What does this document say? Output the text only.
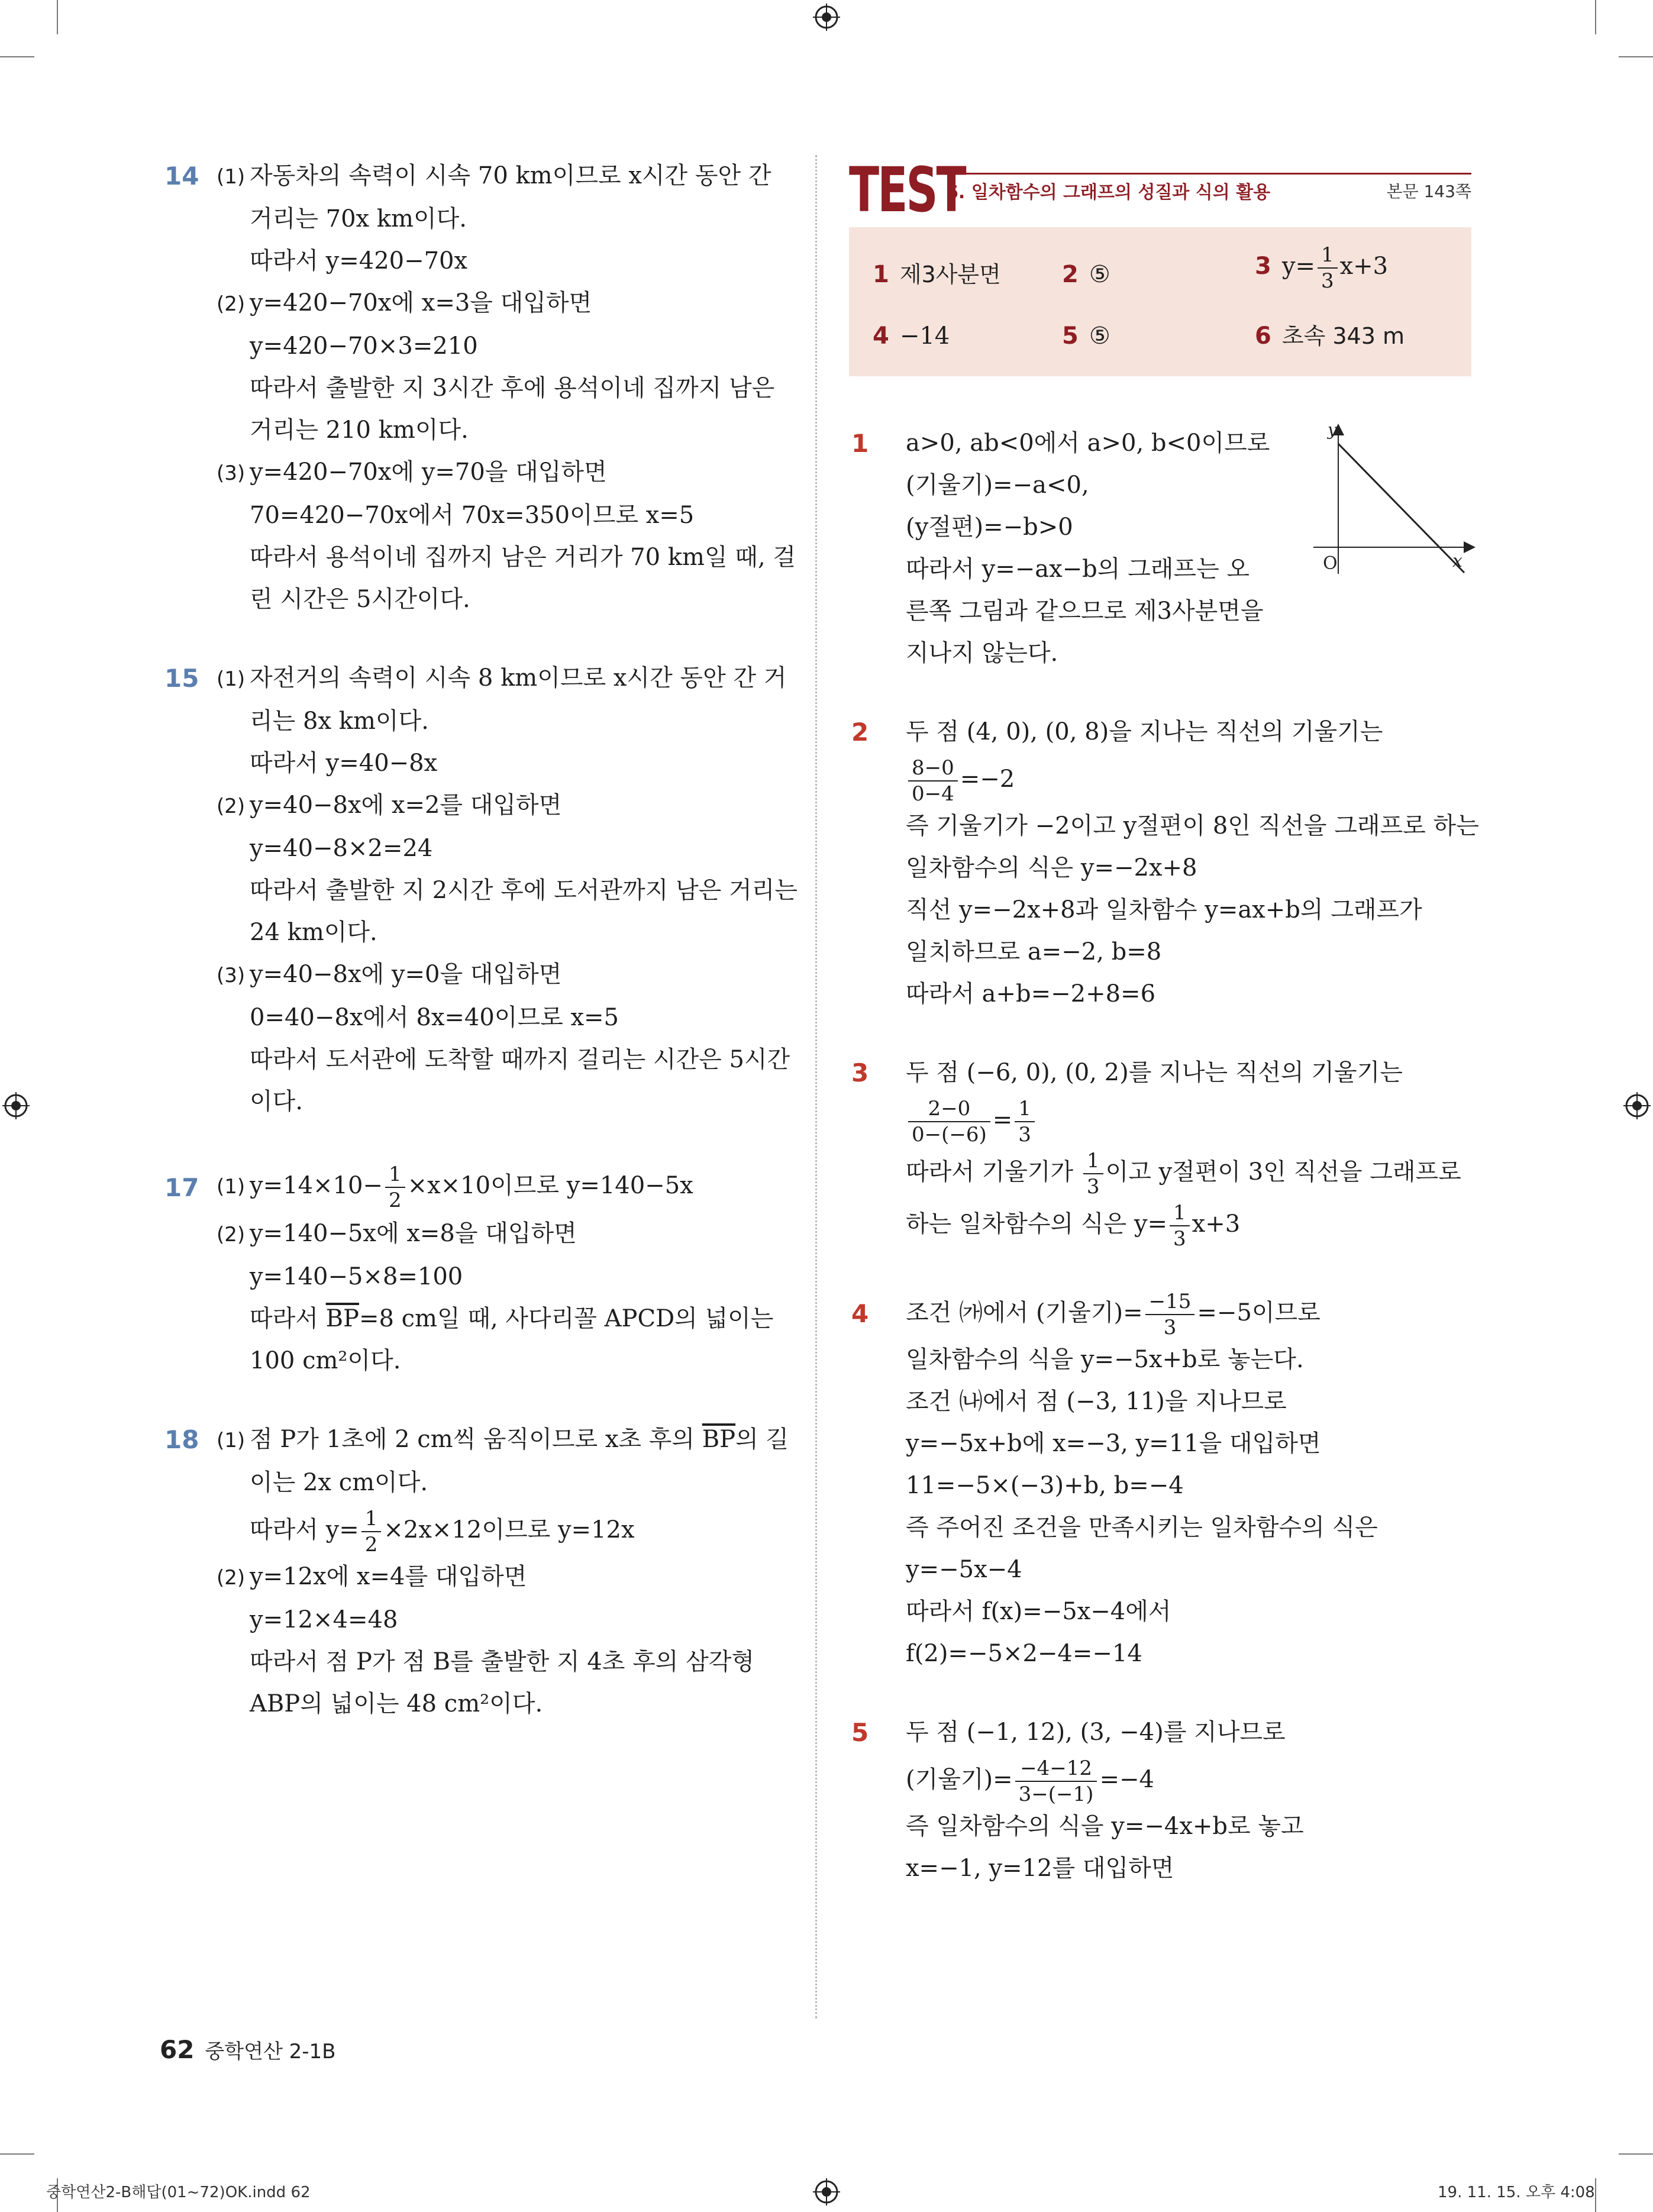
14 (1) 자동차의 속력이 시속 70 km이므로 x시간 동안 간
거리는 70x km이다.
따라서 y=420−70x
(2) y=420−70x에 x=3을 대입하면
y=420−70×3=210
따라서 출발한 지 3시간 후에 용석이네 집까지 남은
거리는 210 km이다.
(3) y=420−70x에 y=70을 대입하면
70=420−70x에서 70x=350이므로 x=5
따라서 용석이네 집까지 남은 거리가 70 km일 때, 걸
린 시간은 5시간이다.
15 (1) 자전거의 속력이 시속 8 km이므로 x시간 동안 간 거
리는 8x km이다.
따라서 y=40−8x
(2) y=40−8x에 x=2를 대입하면
y=40−8×2=24
따라서 출발한 지 2시간 후에 도서관까지 남은 거리는
24 km이다.
(3) y=40−8x에 y=0을 대입하면
0=40−8x에서 8x=40이므로 x=5
따라서 도서관에 도착할 때까지 걸리는 시간은 5시간
이다.
17 (1) $y=14\times 10- \frac{1}{2} \times x\times 10$이므로 y=140−5x
(2) y=140−5x에 x=8을 대입하면
y=140−5×8=100
따라서 $\overline{BP}=8$ cm일 때, 사다리꼴 APCD의 넓이는
100 cm²이다.
18 (1) 점 P가 1초에 2 cm씩 움직이므로 x초 후의 $\overline{BP}$의 길
이는 2x cm이다.
따라서 $y= \frac{1}{2} \times 2x\times 12$이므로 y=12x
(2) y=12x에 x=4를 대입하면
y=12×4=48
따라서 점 P가 점 B를 출발한 지 4초 후의 삼각형
ABP의 넓이는 48 cm²이다.
TEST
6. 일차함수의 그래프의 성질과 식의 활용	본문 143쪽
1 제3사분면	2 ⑤	3 $y= \frac{1}{3} x+3$
4 −14	5 ⑤	6 초속 343 m
1 a>0, ab<0에서 a>0, b<0이므로
(기울기)=−a<0,
(y절편)=−b>0
따라서 y=−ax−b의 그래프는 오
른쪽 그림과 같으므로 제3사분면을
지나지 않는다.
2 두 점 (4, 0), (0, 8)을 지나는 직선의 기울기는
$\frac{8-0}{0-4} =-2$
즉 기울기가 −2이고 y절편이 8인 직선을 그래프로 하는
일차함수의 식은 y=−2x+8
직선 y=−2x+8과 일차함수 y=ax+b의 그래프가
일치하므로 a=−2, b=8
따라서 a+b=−2+8=6
3 두 점 (−6, 0), (0, 2)를 지나는 직선의 기울기는
$\frac{2-0}{0-(-6)} = \frac{1}{3}$
따라서 기울기가 $\frac{1}{3}$ 이고 y절편이 3인 직선을 그래프로
하는 일차함수의 식은 $y= \frac{1}{3} x+3$
4 조건 ㈎에서 (기울기)= $\frac{-15}{3} =-5$이므로
일차함수의 식을 y=−5x+b로 놓는다.
조건 ㈏에서 점 (−3, 11)을 지나므로
y=−5x+b에 x=−3, y=11을 대입하면
11=−5×(−3)+b, b=−4
즉 주어진 조건을 만족시키는 일차함수의 식은
y=−5x−4
따라서 f(x)=−5x−4에서
f(2)=−5×2−4=−14
5 두 점 (−1, 12), (3, −4)를 지나므로
(기울기)= $\frac{-4-12}{3-(-1)} =-4$
즉 일차함수의 식을 y=−4x+b로 놓고
x=−1, y=12를 대입하면
y
x
O
62 중학연산 2-1B
중학연산2-B해답(01~72)OK.indd 62	19. 11. 15. 오후 4:08
